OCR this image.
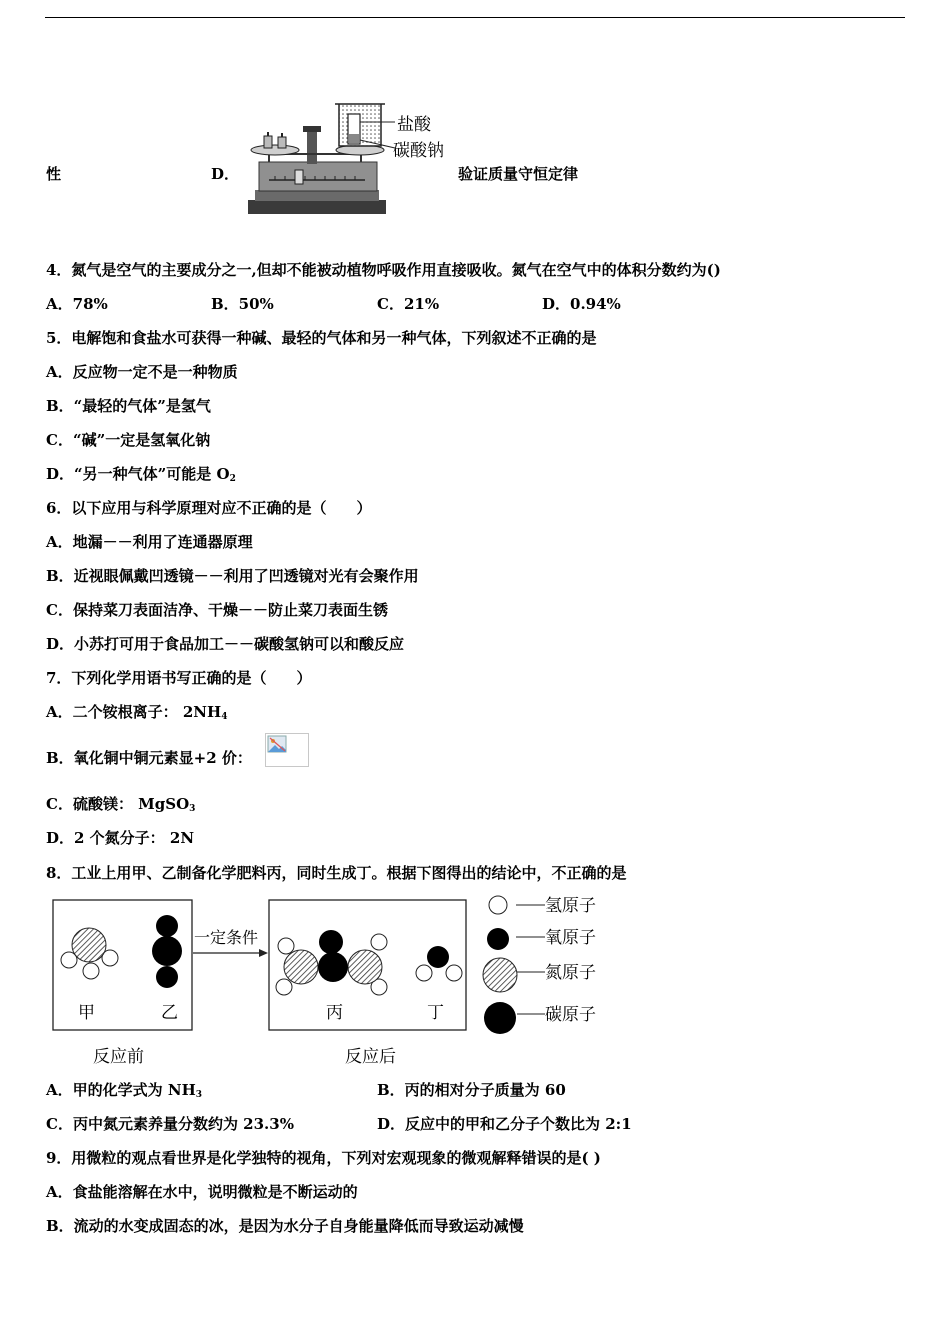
性	D．
盐酸
碳酸钠
验证质量守恒定律
4．氮气是空气的主要成分之一,但却不能被动植物呼吸作用直接吸收。氮气在空气中的体积分数约为()
A．78%	B．50%	C．21%	D．0.94%
5．电解饱和食盐水可获得一种碱、最轻的气体和另一种气体，下列叙述不正确的是
A．反应物一定不是一种物质
B．“最轻的气体”是氢气
C．“碱”一定是氢氧化钠
D．“另一种气体”可能是 $O_2$
6．以下应用与科学原理对应不正确的是（　　）
A．地漏－－利用了连通器原理
B．近视眼佩戴凹透镜－－利用了凹透镜对光有会聚作用
C．保持菜刀表面洁净、干燥－－防止菜刀表面生锈
D．小苏打可用于食品加工－－碳酸氢钠可以和酸反应
7．下列化学用语书写正确的是（　　）
A．二个铵根离子： $2NH_4$
B．氧化铜中铜元素显+2 价：
C．硫酸镁： MgSO$_3$
D．2 个氮分子： 2N
8．工业上用甲、乙制备化学肥料丙，同时生成丁。根据下图得出的结论中，不正确的是
甲	乙
一定条件
丙	丁
反应前	反应后
氢原子
氧原子
氮原子
碳原子
A．甲的化学式为 $NH_3$	B．丙的相对分子质量为 60
C．丙中氮元素养量分数约为 23.3%	D．反应中的甲和乙分子个数比为 2:1
9．用微粒的观点看世界是化学独特的视角，下列对宏观现象的微观解释错误的是( )
A．食盐能溶解在水中，说明微粒是不断运动的
B．流动的水变成固态的冰，是因为水分子自身能量降低而导致运动减慢
